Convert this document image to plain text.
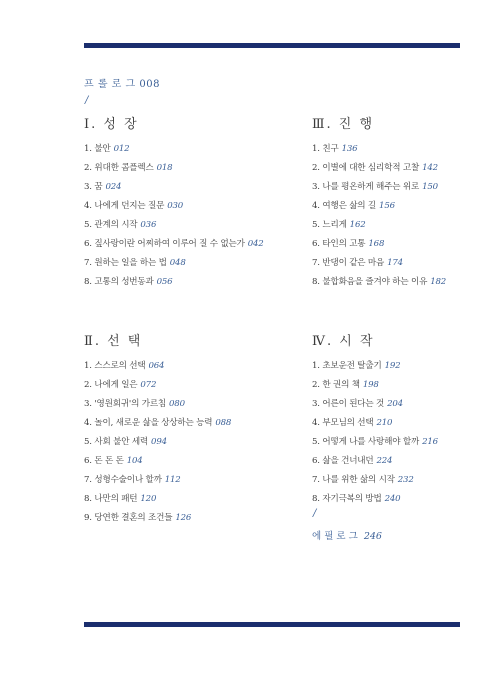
프 롤 로 그 008
/
Ⅰ. 성 장
1. 불안 012
2. 위대한 콤플렉스 018
3. 꿈 024
4. 나에게 던지는 질문 030
5. 관계의 시작 036
6. 짚사랑이란 어찌하여 이루어 질 수 없는가 042
7. 원하는 일을 하는 법 048
8. 고통의 성번동과 056
Ⅲ. 진 행
1. 친구 136
2. 이별에 대한 심리학적 고찰 142
3. 나를 평온하게 해주는 위로 150
4. 여행은 삶의 길 156
5. 느리게 162
6. 타인의 고통 168
7. 반댕이 같은 마음 174
8. 불합화음을 즐겨야 하는 이유 182
Ⅱ. 선 택
1. 스스로의 선택 064
2. 나에게 일은 072
3. '영원회귀'의 가르침 080
4. 놀이, 새로운 삶을 상상하는 능력 088
5. 사회 불안 세력 094
6. 돈 돈 돈 104
7. 성형수술이나 할까 112
8. 나만의 패턴 120
9. 당연한 결혼의 조건들 126
Ⅳ. 시 작
1. 초보운전 탈출기 192
2. 한 권의 책 198
3. 어른이 된다는 것 204
4. 부모님의 선택 210
5. 어떻게 나를 사랑해야 할까 216
6. 삶을 건너내던 224
7. 나를 위한 삶의 시작 232
8. 자기극복의 방법 240
/
에 필 로 그 246
